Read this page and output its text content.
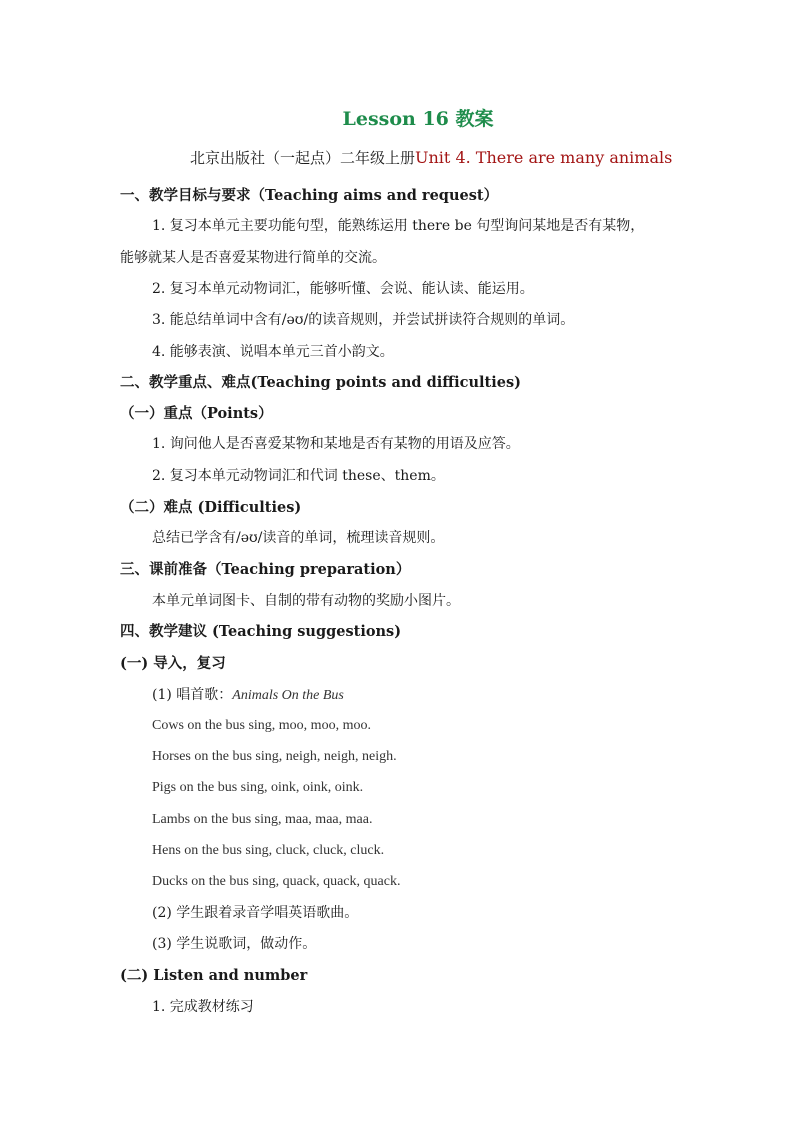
Lesson 16 教案
北京出版社（一起点）二年级上册Unit 4. There are many animals
一、教学目标与要求（Teaching aims and request）
1. 复习本单元主要功能句型，能熟练运用 there be 句型询问某地是否有某物，
能够就某人是否喜爱某物进行简单的交流。
2. 复习本单元动物词汇，能够听懂、会说、能认读、能运用。
3. 能总结单词中含有/əʊ/的读音规则，并尝试拼读符合规则的单词。
4. 能够表演、说唱本单元三首小韵文。
二、教学重点、难点(Teaching points and difficulties)
（一）重点（Points）
1. 询问他人是否喜爱某物和某地是否有某物的用语及应答。
2. 复习本单元动物词汇和代词 these、them。
（二）难点 (Difficulties)
总结已学含有/əʊ/读音的单词，梳理读音规则。
三、课前准备（Teaching preparation）
本单元单词图卡、自制的带有动物的奖励小图片。
四、教学建议 (Teaching suggestions)
(一) 导入，复习
(1) 唱首歌：Animals On the Bus
Cows on the bus sing, moo, moo, moo.
Horses on the bus sing, neigh, neigh, neigh.
Pigs on the bus sing, oink, oink, oink.
Lambs on the bus sing, maa, maa, maa.
Hens on the bus sing, cluck, cluck, cluck.
Ducks on the bus sing, quack, quack, quack.
(2) 学生跟着录音学唱英语歌曲。
(3) 学生说歌词，做动作。
(二) Listen and number
1. 完成教材练习
